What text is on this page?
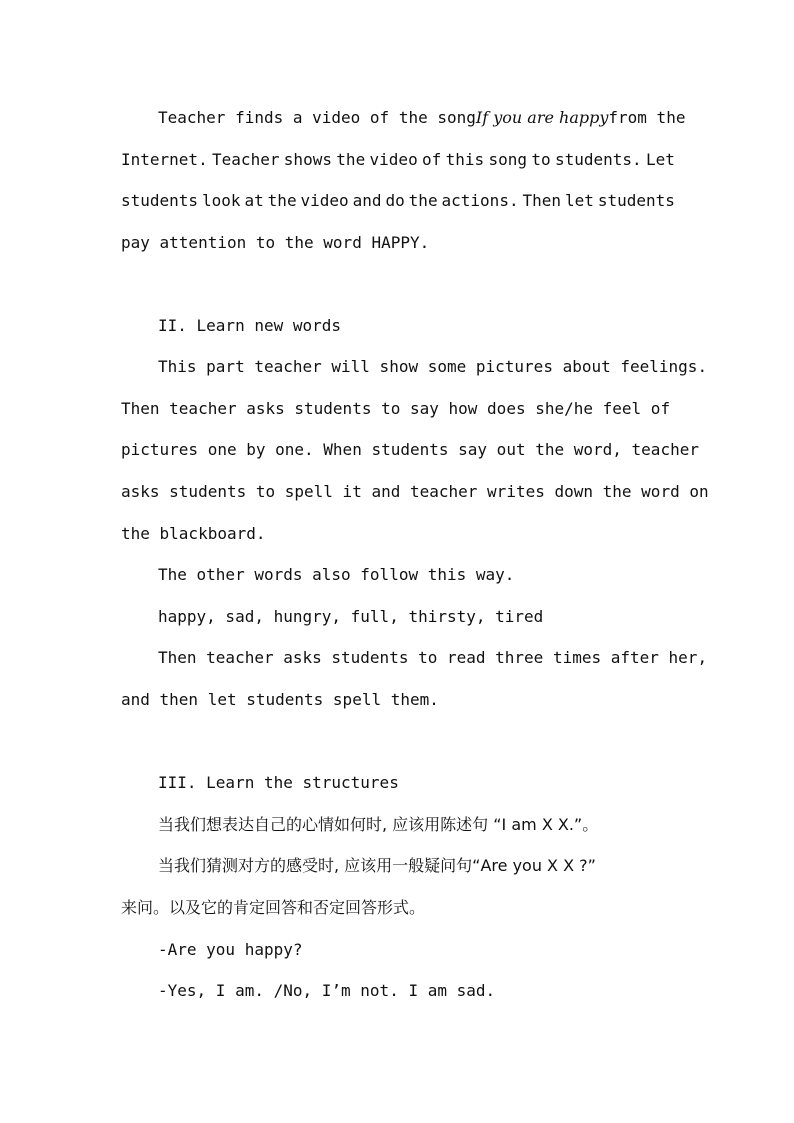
Teacher finds a video of the song If you are happy from the
Internet. Teacher shows the video of this song to students. Let
students look at the video and do the actions. Then let students
pay attention to the word HAPPY.
II. Learn new words
This part teacher will show some pictures about feelings.
Then teacher asks students to say how does she/he feel of
pictures one by one. When students say out the word, teacher
asks students to spell it and teacher writes down the word on
the blackboard.
The other words also follow this way.
happy, sad, hungry, full, thirsty, tired
Then teacher asks students to read three times after her,
and then let students spell them.
III. Learn the structures
当我们想表达自己的心情如何时, 应该用陈述句 “I am X X.”。
当我们猜测对方的感受时, 应该用一般疑问句“Are you X X ?”
来问。以及它的肯定回答和否定回答形式。
-Are you happy?
-Yes, I am. /No, I’m not. I am sad.
